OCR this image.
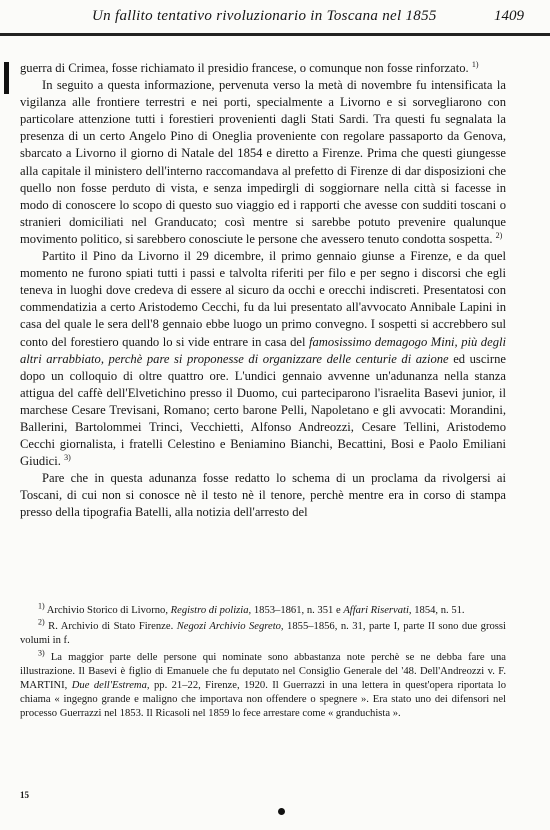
Un fallito tentativo rivoluzionario in Toscana nel 1855	1409

guerra di Crimea, fosse richiamato il presidio francese, o comunque non fosse rinforzato. $^{1)}$

In seguito a questa informazione, pervenuta verso la metà di novembre fu intensificata la vigilanza alle frontiere terrestri e nei porti, specialmente a Livorno e si sorvegliarono con particolare attenzione tutti i forestieri provenienti dagli Stati Sardi. Tra questi fu segnalata la presenza di un certo Angelo Pino di Oneglia proveniente con regolare passaporto da Genova, sbarcato a Livorno il giorno di Natale del 1854 e diretto a Firenze. Prima che questi giungesse alla capitale il ministero dell'interno raccomandava al prefetto di Firenze di dar disposizioni che quello non fosse perduto di vista, e senza impedirgli di soggiornare nella città si facesse in modo di conoscere lo scopo di questo suo viaggio ed i rapporti che avesse con sudditi toscani o stranieri domiciliati nel Granducato; così mentre si sarebbe potuto prevenire qualunque movimento politico, si sarebbero conosciute le persone che avessero tenuto condotta sospetta. $^{2)}$

Partito il Pino da Livorno il 29 dicembre, il primo gennaio giunse a Firenze, e da quel momento ne furono spiati tutti i passi e talvolta riferiti per filo e per segno i discorsi che egli teneva in luoghi dove credeva di essere al sicuro da occhi e orecchi indiscreti. Presentatosi con commendatizia a certo Aristodemo Cecchi, fu da lui presentato all'avvocato Annibale Lapini in casa del quale le sera dell'8 gennaio ebbe luogo un primo convegno. I sospetti si accrebbero sul conto del forestiero quando lo si vide entrare in casa del famosissimo demagogo Mini, più degli altri arrabbiato, perchè pare si proponesse di organizzare delle centurie di azione ed uscirne dopo un colloquio di oltre quattro ore. L'undici gennaio avvenne un'adunanza nella stanza attigua del caffè dell'Elvetichino presso il Duomo, cui parteciparono l'israelita Basevi junior, il marchese Cesare Trevisani, Romano; certo barone Pelli, Napoletano e gli avvocati: Morandini, Ballerini, Bartolommei Trinci, Vecchietti, Alfonso Andreozzi, Cesare Tellini, Aristodemo Cecchi giornalista, i fratelli Celestino e Beniamino Bianchi, Becattini, Bosi e Paolo Emiliani Giudici. $^{3)}$

Pare che in questa adunanza fosse redatto lo schema di un proclama da rivolgersi ai Toscani, di cui non si conosce nè il testo nè il tenore, perchè mentre era in corso di stampa presso della tipografia Batelli, alla notizia dell'arresto del

$^{1)}$ Archivio Storico di Livorno, Registro di polizia, 1853–1861, n. 351 e Affari Riservati, 1854, n. 51.

$^{2)}$ R. Archivio di Stato Firenze. Negozi Archivio Segreto, 1855–1856, n. 31, parte I, parte II sono due grossi volumi in f.

$^{3)}$ La maggior parte delle persone qui nominate sono abbastanza note perchè se ne debba fare una illustrazione. Il Basevi è figlio di Emanuele che fu deputato nel Consiglio Generale del '48. Dell'Andreozzi v. F. MARTINI, Due dell'Estrema, pp. 21–22, Firenze, 1920. Il Guerrazzi in una lettera in quest'opera riportata lo chiama « ingegno grande e maligno che importava non offendere o spegnere ». Era stato uno dei difensori nel processo Guerrazzi nel 1853. Il Ricasoli nel 1859 lo fece arrestare come « granduchista ».

15
